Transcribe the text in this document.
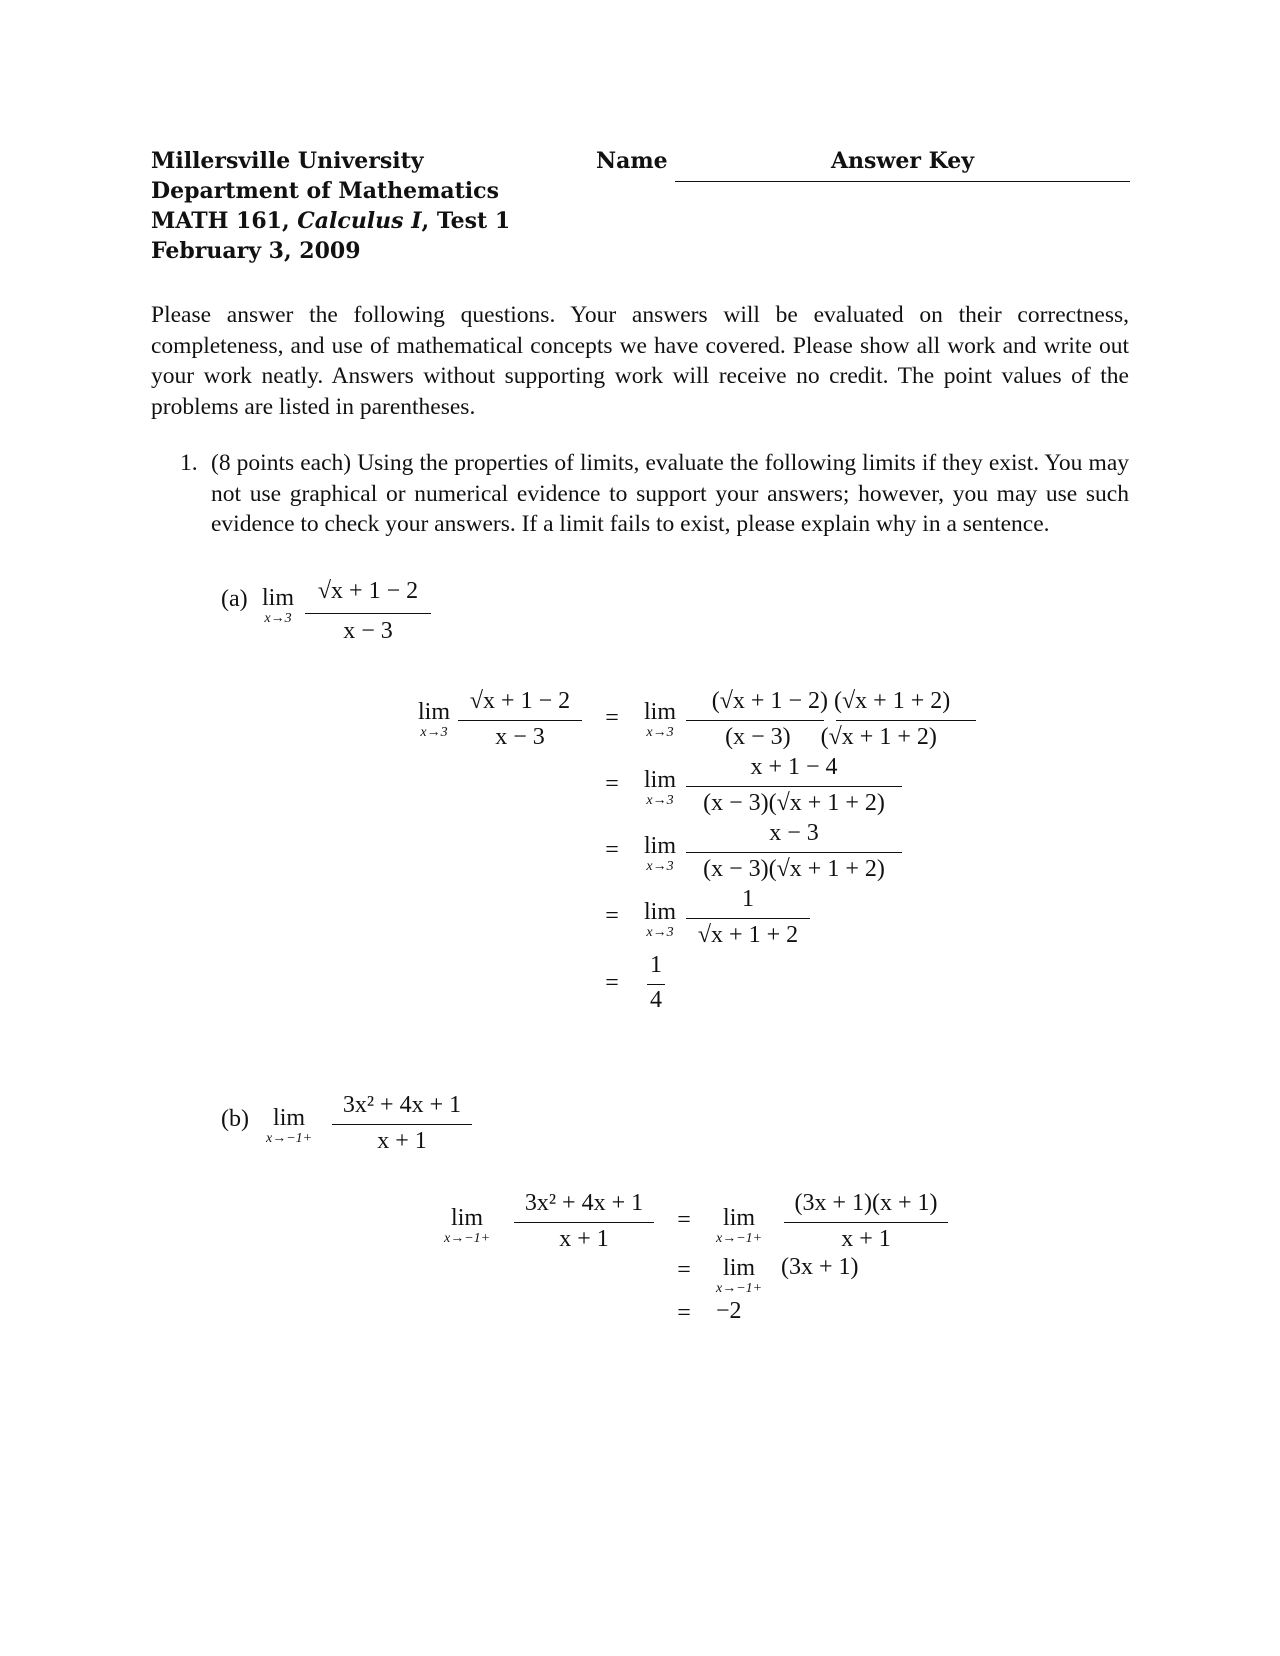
Millersville University
Department of Mathematics
MATH 161, Calculus I, Test 1
February 3, 2009
Name	Answer Key
Please answer the following questions. Your answers will be evaluated on their correctness, completeness, and use of mathematical concepts we have covered. Please show all work and write out your work neatly. Answers without supporting work will receive no credit. The point values of the problems are listed in parentheses.
1. (8 points each) Using the properties of limits, evaluate the following limits if they exist. You may not use graphical or numerical evidence to support your answers; however, you may use such evidence to check your answers. If a limit fails to exist, please explain why in a sentence.
(a) lim
x→3
√x + 1 − 2
x − 3
lim
x→3
√x + 1 − 2
x − 3
= lim
x→3
(√x + 1 − 2) (√x + 1 + 2)
(x − 3)     (√x + 1 + 2)
= lim
x→3
x + 1 − 4
(x − 3)(√x + 1 + 2)
= lim
x→3
x − 3
(x − 3)(√x + 1 + 2)
= lim
x→3
1
√x + 1 + 2
=
1
4
(b) lim
x→−1+
3x² + 4x + 1
x + 1
lim
x→−1+
3x² + 4x + 1
x + 1
= lim
x→−1+
(3x + 1)(x + 1)
x + 1
= lim
x→−1+
(3x + 1)
= −2
